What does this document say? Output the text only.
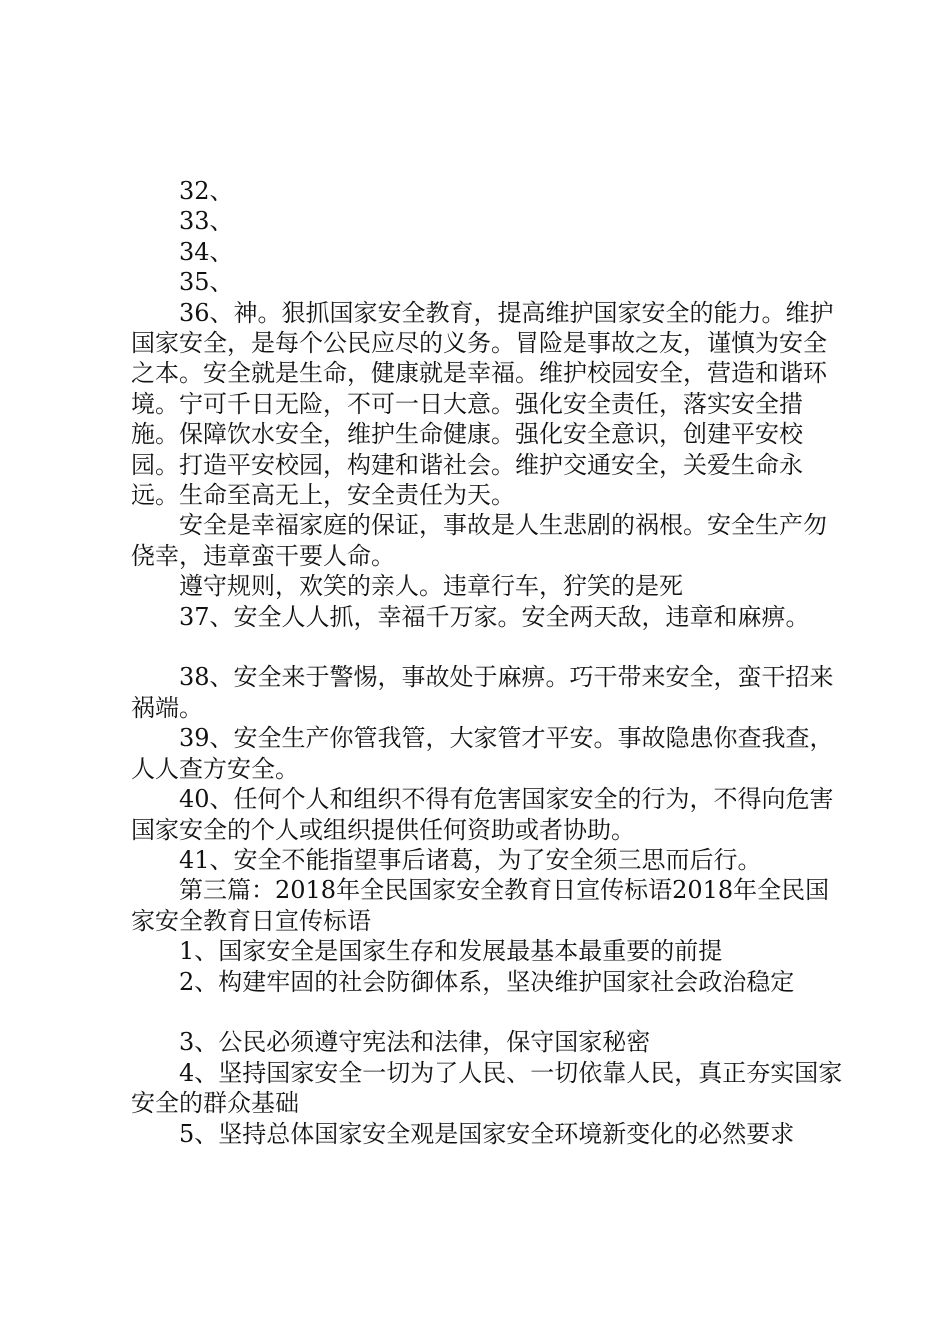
32、

33、

34、

35、

36、神。狠抓国家安全教育，提高维护国家安全的能力。维护国家安全，是每个公民应尽的义务。冒险是事故之友，谨慎为安全之本。安全就是生命，健康就是幸福。维护校园安全，营造和谐环境。宁可千日无险，不可一日大意。强化安全责任，落实安全措施。保障饮水安全，维护生命健康。强化安全意识，创建平安校园。打造平安校园，构建和谐社会。维护交通安全，关爱生命永远。生命至高无上，安全责任为天。

安全是幸福家庭的保证，事故是人生悲剧的祸根。安全生产勿侥幸，违章蛮干要人命。

遵守规则，欢笑的亲人。违章行车，狞笑的是死

37、安全人人抓，幸福千万家。安全两天敌，违章和麻痹。

38、安全来于警惕，事故处于麻痹。巧干带来安全，蛮干招来祸端。

39、安全生产你管我管，大家管才平安。事故隐患你查我查，人人查方安全。

40、任何个人和组织不得有危害国家安全的行为，不得向危害国家安全的个人或组织提供任何资助或者协助。

41、安全不能指望事后诸葛，为了安全须三思而后行。

第三篇：2018年全民国家安全教育日宣传标语2018年全民国家安全教育日宣传标语

1、国家安全是国家生存和发展最基本最重要的前提

2、构建牢固的社会防御体系，坚决维护国家社会政治稳定

3、公民必须遵守宪法和法律，保守国家秘密

4、坚持国家安全一切为了人民、一切依靠人民，真正夯实国家安全的群众基础

5、坚持总体国家安全观是国家安全环境新变化的必然要求
